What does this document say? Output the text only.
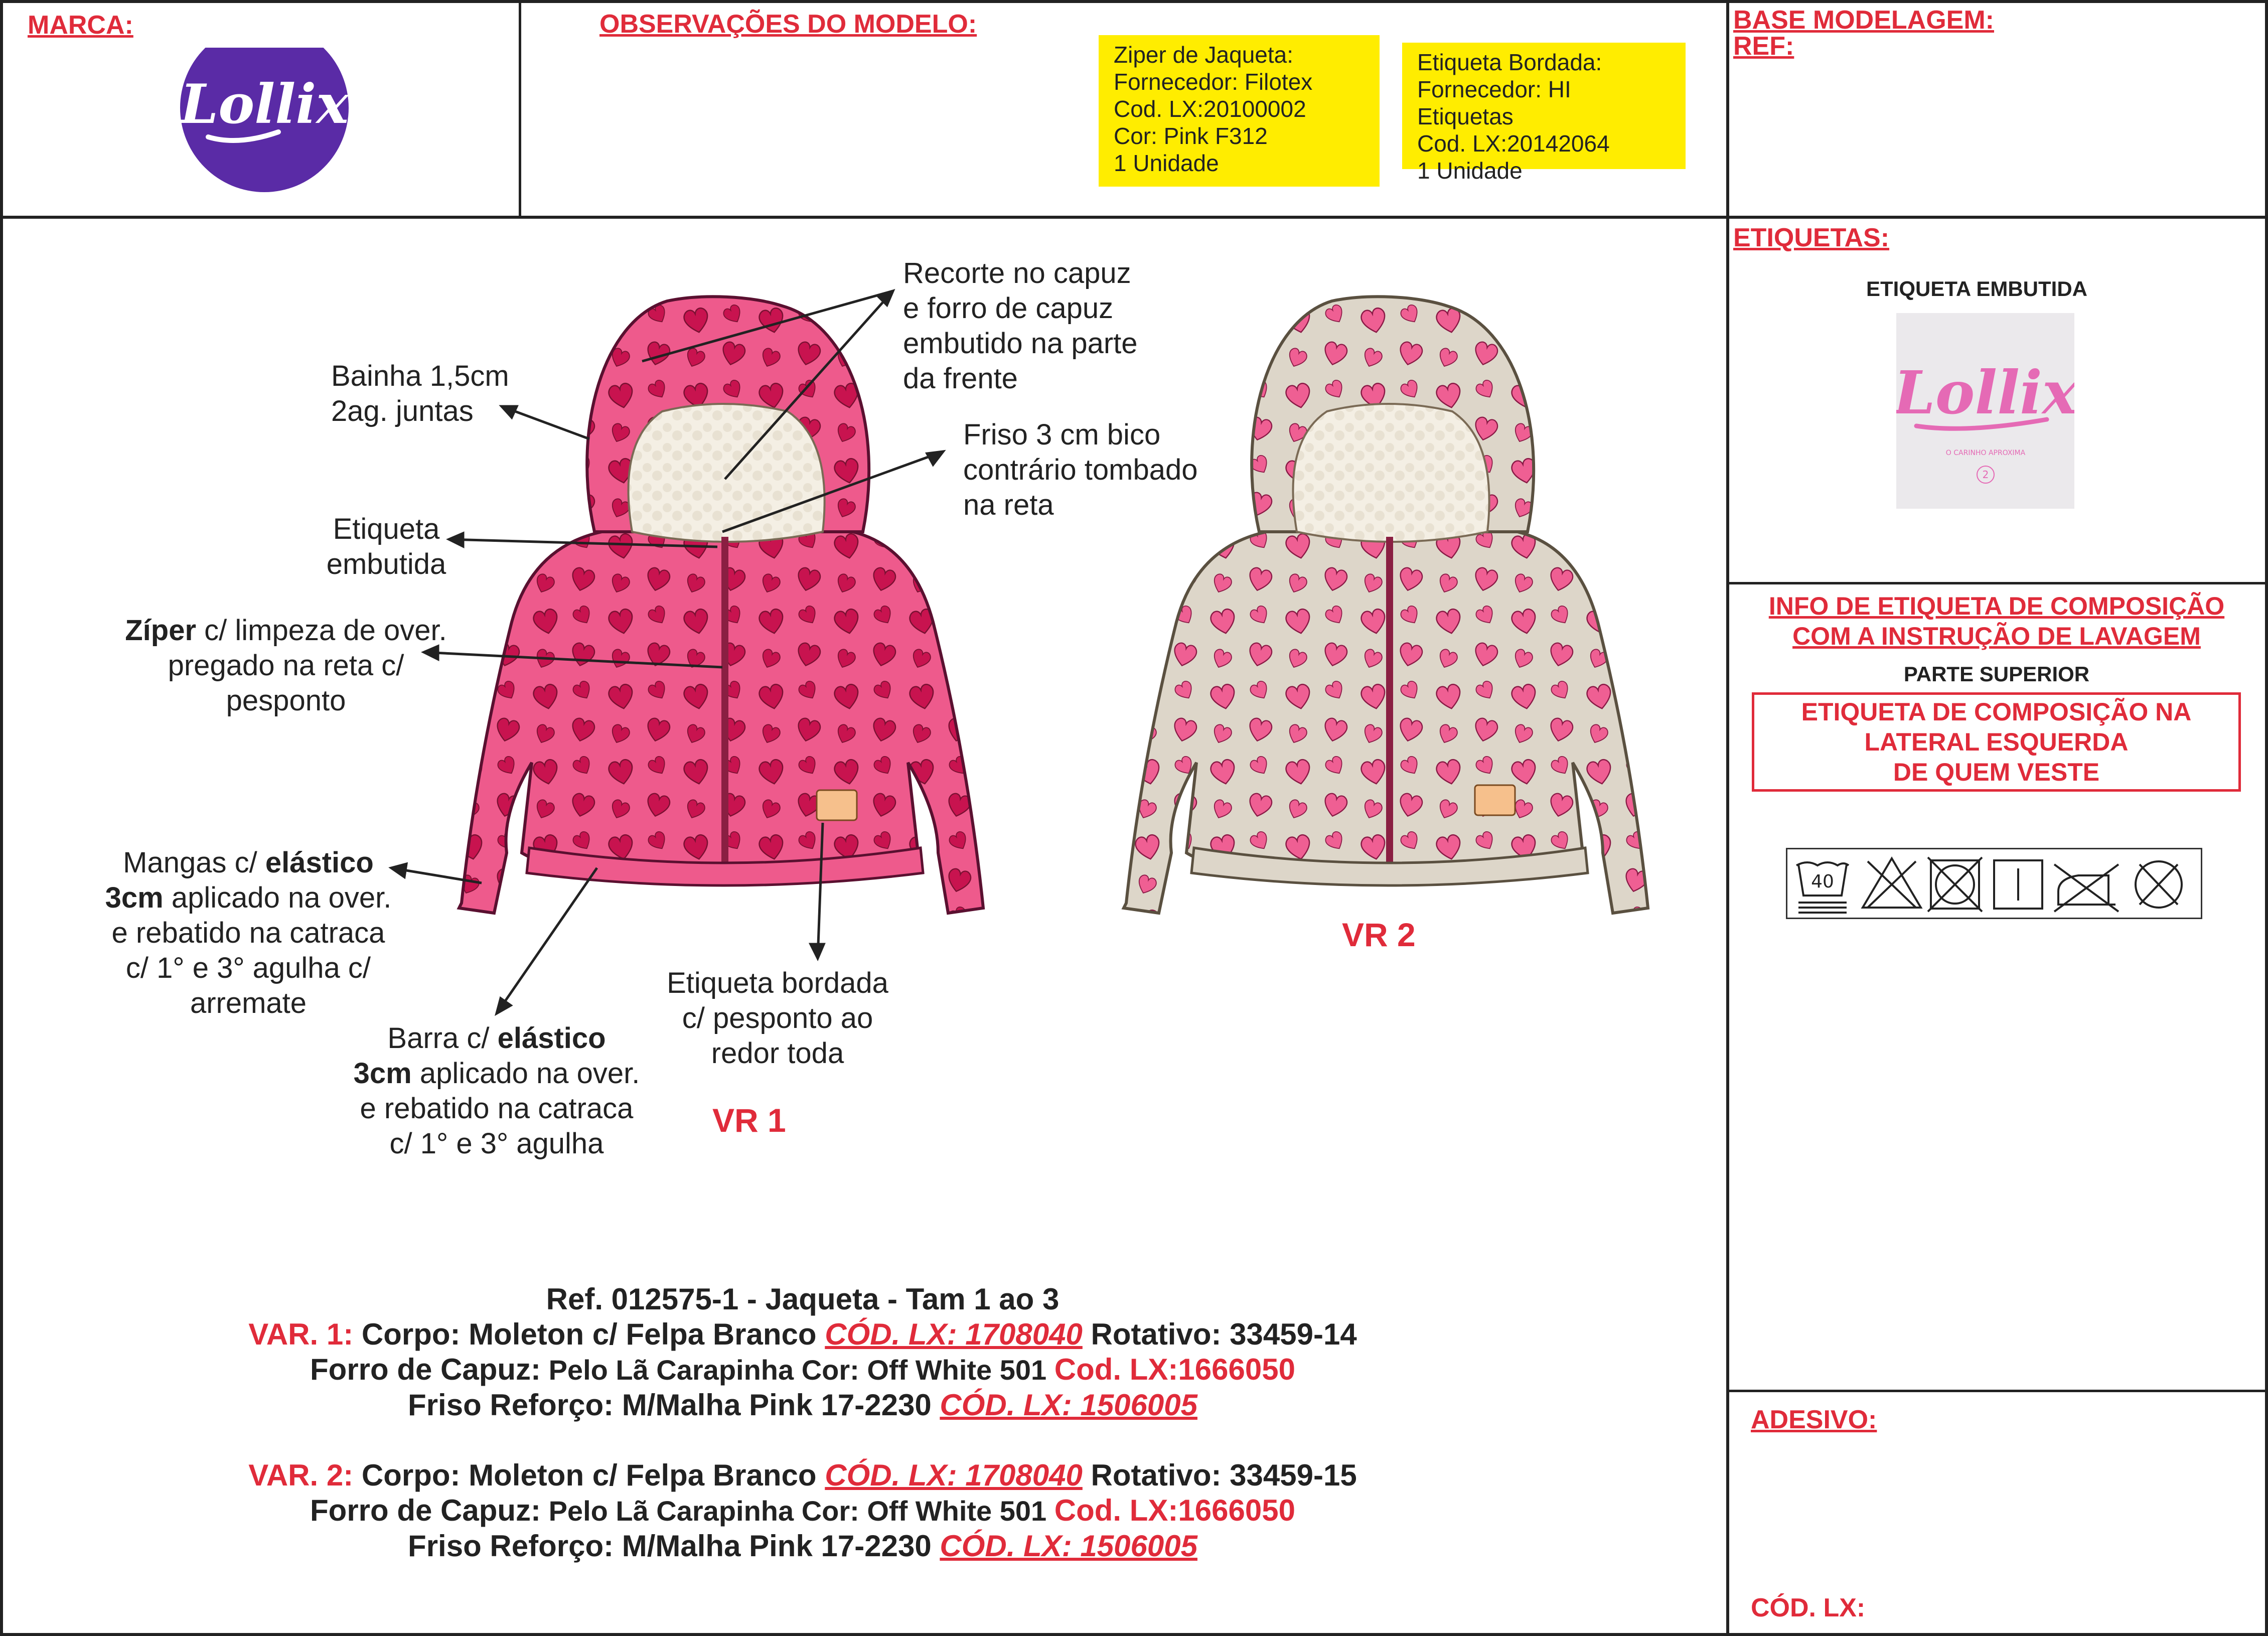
MARCA:
Lollix
OBSERVAÇÕES DO MODELO:
Ziper de Jaqueta:
Fornecedor: Filotex
Cod. LX:20100002
Cor: Pink F312
1 Unidade
Etiqueta Bordada:
Fornecedor: HI Etiquetas
Cod. LX:20142064
1 Unidade
BASE MODELAGEM:
REF:
ETIQUETAS:
ETIQUETA EMBUTIDA
Lollix
O CARINHO APROXIMA
2
INFO DE ETIQUETA DE COMPOSIÇÃO
COM A INSTRUÇÃO DE LAVAGEM
PARTE SUPERIOR
ETIQUETA DE COMPOSIÇÃO NA
LATERAL ESQUERDA
DE QUEM VESTE
40
ADESIVO:
CÓD. LX:
Recorte no capuz
e forro de capuz
embutido na parte
da frente
Bainha 1,5cm
2ag. juntas
Friso 3 cm bico
contrário tombado
na reta
Etiqueta
embutida
Zíper c/ limpeza de over.
pregado na reta c/
pesponto
Mangas c/ elástico
3cm aplicado na over.
e rebatido na catraca
c/ 1° e 3° agulha c/
arremate
Barra c/ elástico
3cm aplicado na over.
e rebatido na catraca
c/ 1° e 3° agulha
Etiqueta bordada
c/ pesponto ao
redor toda
VR 1
VR 2
Ref. 012575-1 - Jaqueta - Tam 1 ao 3
VAR. 1: Corpo: Moleton c/ Felpa Branco CÓD. LX: 1708040 Rotativo: 33459-14
Forro de Capuz: Pelo Lã Carapinha Cor: Off White 501 Cod. LX:1666050
Friso Reforço: M/Malha Pink 17-2230 CÓD. LX: 1506005
VAR. 2: Corpo: Moleton c/ Felpa Branco CÓD. LX: 1708040 Rotativo: 33459-15
Forro de Capuz: Pelo Lã Carapinha Cor: Off White 501 Cod. LX:1666050
Friso Reforço: M/Malha Pink 17-2230 CÓD. LX: 1506005
